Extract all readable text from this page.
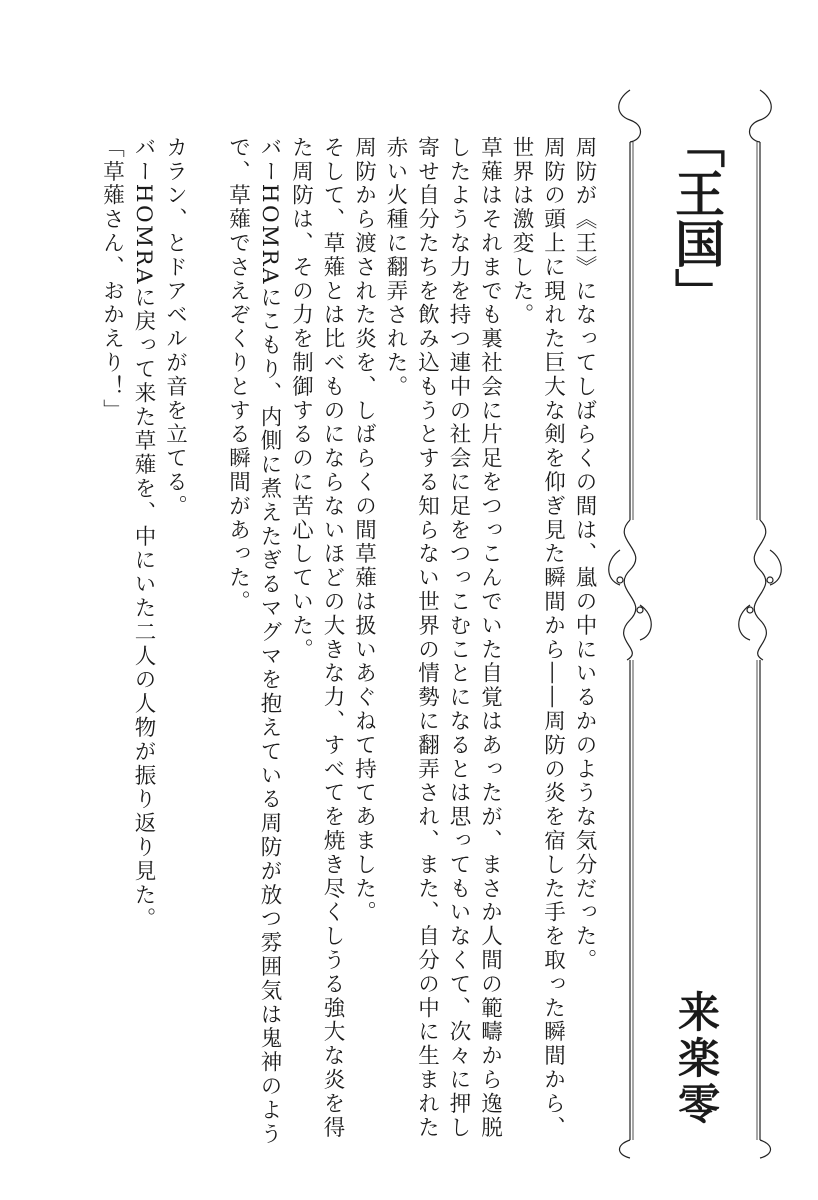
「王国」
来楽零

周防が《王》になってしばらくの間は、嵐の中にいるかのような気分だった。

周防の頭上に現れた巨大な剣を仰ぎ見た瞬間から――周防の炎を宿した手を取った瞬間から、世界は激変した。

草薙はそれまでも裏社会に片足をつっこんでいた自覚はあったが、まさか人間の範疇から逸脱したような力を持つ連中の社会に足をつっこむことになるとは思ってもいなくて、次々に押し寄せ自分たちを飲み込もうとする知らない世界の情勢に翻弄され、また、自分の中に生まれた赤い火種に翻弄された。

周防から渡された炎を、しばらくの間草薙は扱いあぐねて持てあました。

そして、草薙とは比べものにならないほどの大きな力、すべてを焼き尽くしうる強大な炎を得た周防は、その力を制御するのに苦心していた。

バーHOMRAにこもり、内側に煮えたぎるマグマを抱えている周防が放つ雰囲気は鬼神のようで、草薙でさえぞくりとする瞬間があった。

カラン、とドアベルが音を立てる。

バーHOMRAに戻って来た草薙を、中にいた二人の人物が振り返り見た。

「草薙さん、おかえり！」
